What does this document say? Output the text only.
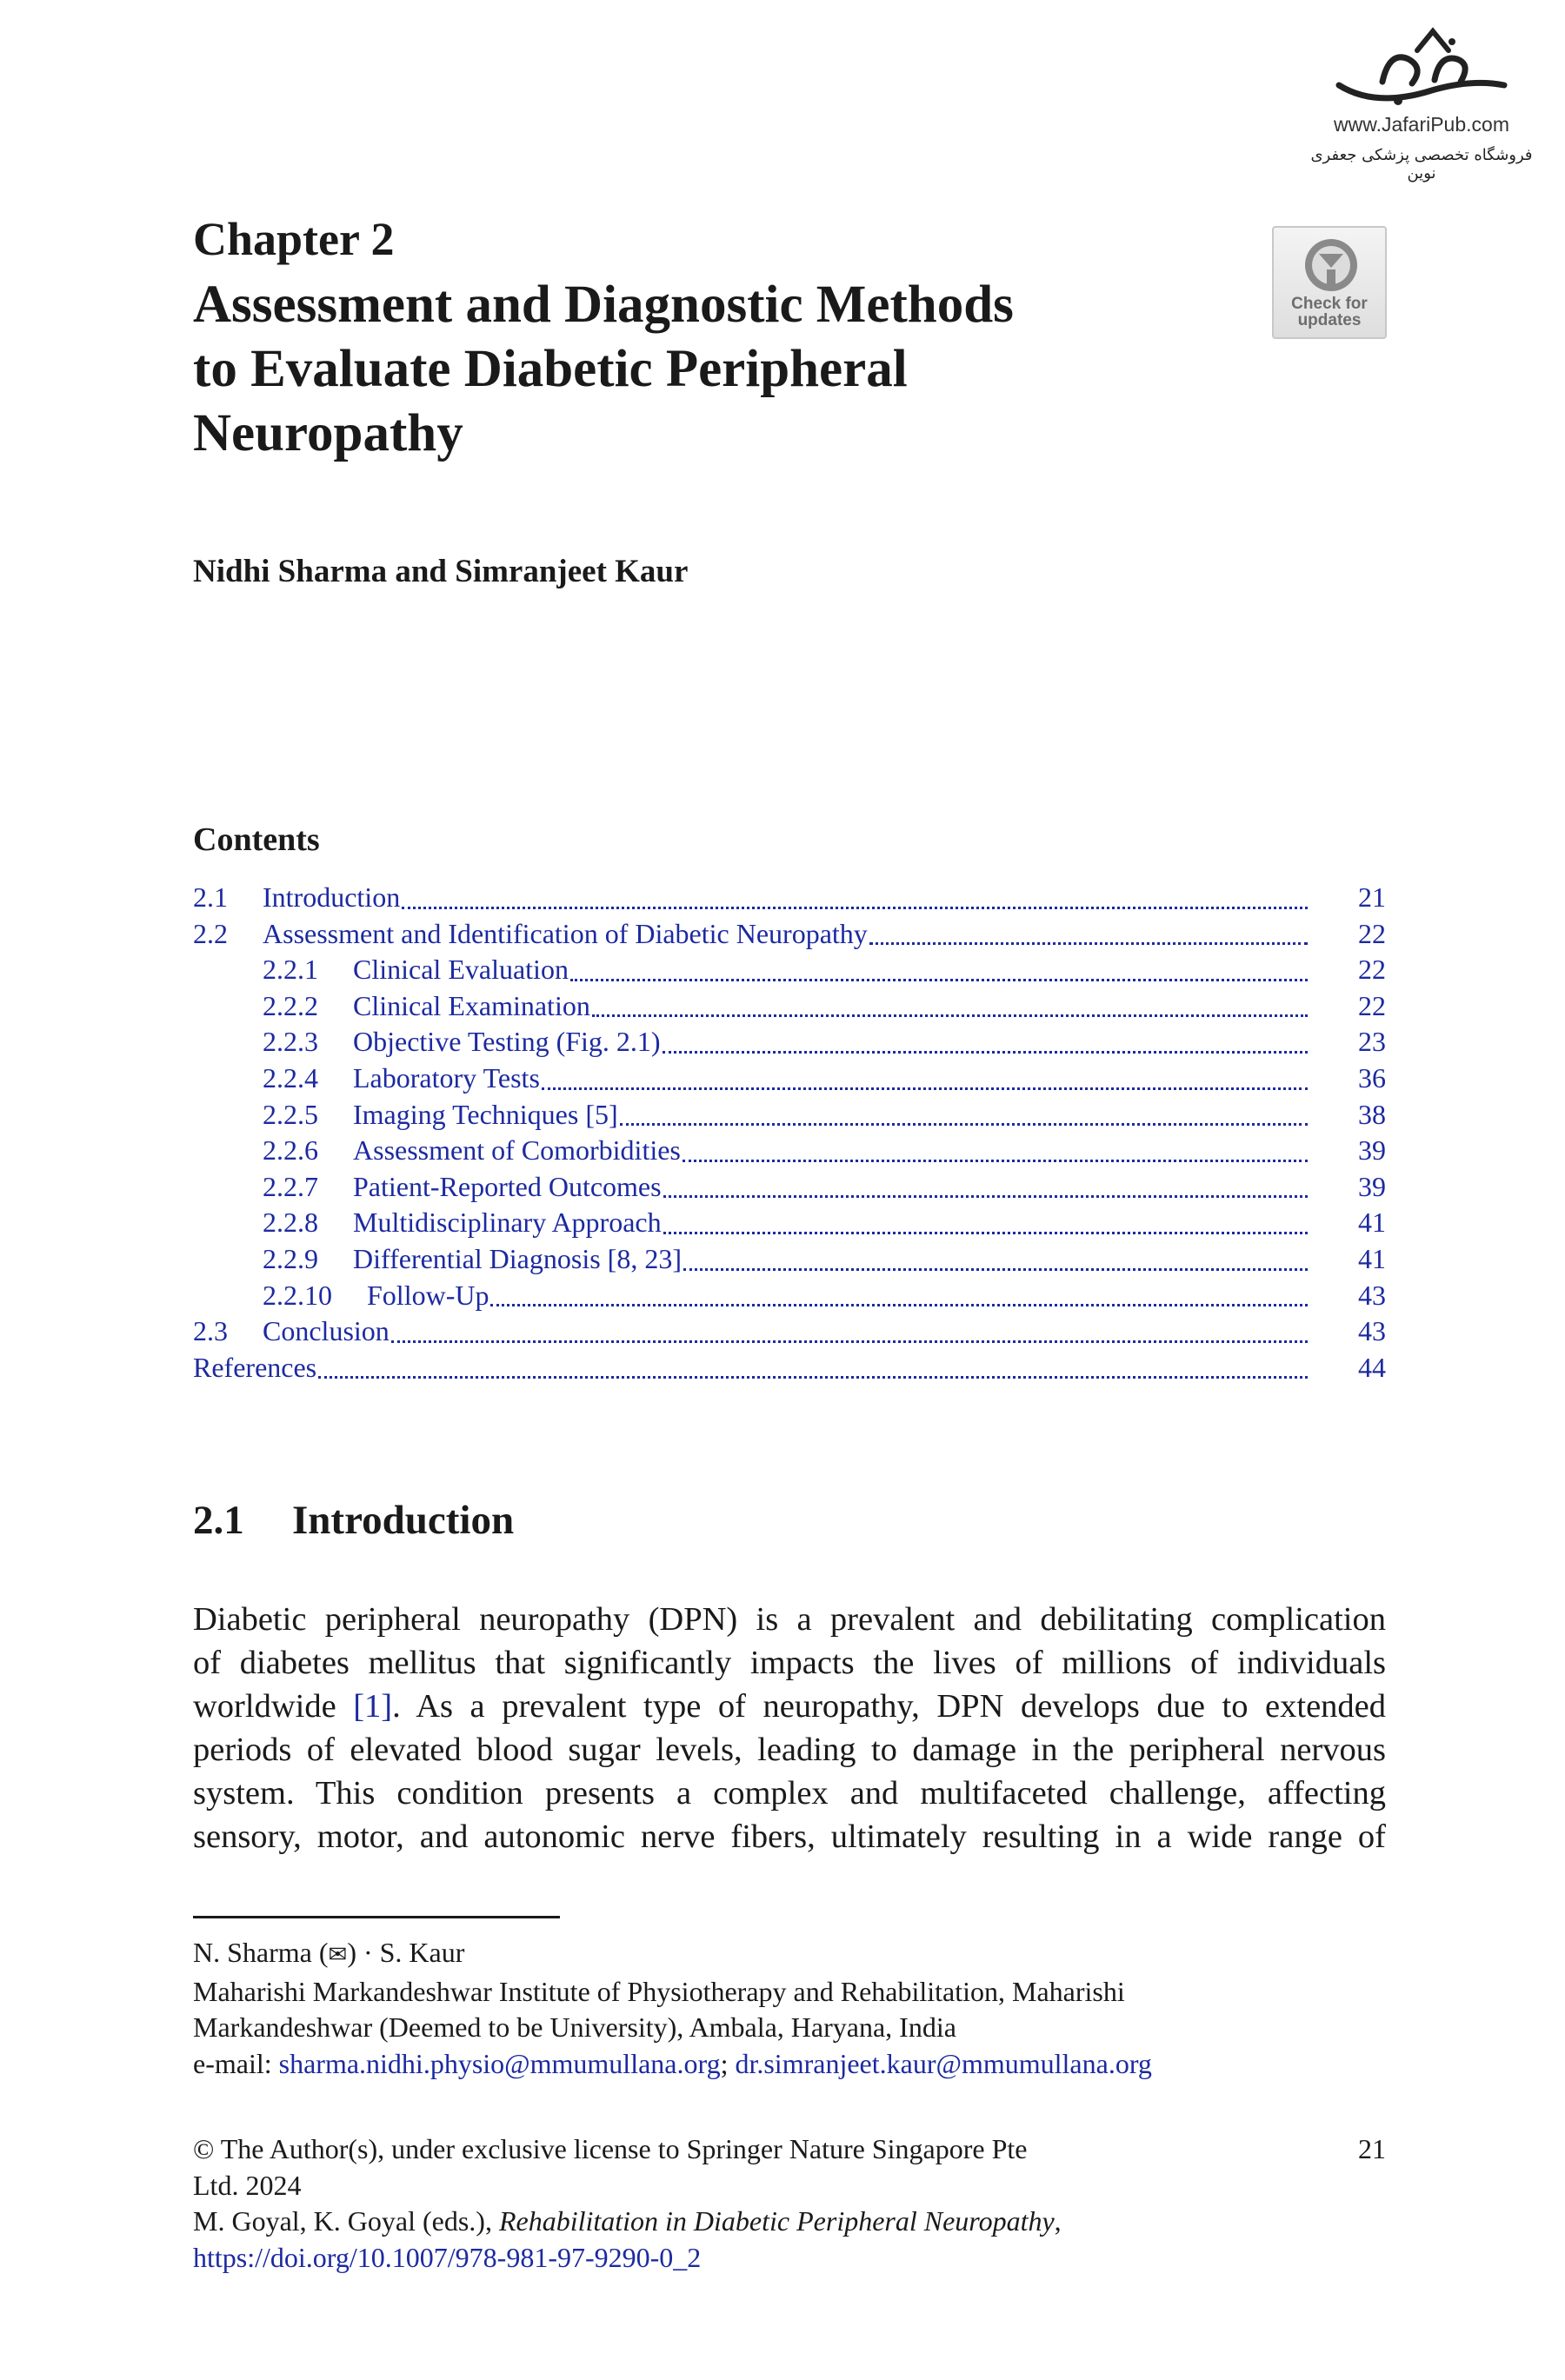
www.JafariPub.com
فروشگاه تخصصی پزشکی جعفری نوین
Check for
updates
Chapter 2
Assessment and Diagnostic Methods
to Evaluate Diabetic Peripheral
Neuropathy
Nidhi Sharma and Simranjeet Kaur
Contents
2.1	Introduction	21
2.2	Assessment and Identification of Diabetic Neuropathy	22
2.2.1	Clinical Evaluation	22
2.2.2	Clinical Examination	22
2.2.3	Objective Testing (Fig. 2.1)	23
2.2.4	Laboratory Tests	36
2.2.5	Imaging Techniques [5]	38
2.2.6	Assessment of Comorbidities	39
2.2.7	Patient-Reported Outcomes	39
2.2.8	Multidisciplinary Approach	41
2.2.9	Differential Diagnosis [8, 23]	41
2.2.10	Follow-Up	43
2.3	Conclusion	43
References	44
2.1 Introduction
Diabetic peripheral neuropathy (DPN) is a prevalent and debilitating complication
of diabetes mellitus that significantly impacts the lives of millions of individuals
worldwide [1]. As a prevalent type of neuropathy, DPN develops due to extended
periods of elevated blood sugar levels, leading to damage in the peripheral nervous
system. This condition presents a complex and multifaceted challenge, affecting
sensory, motor, and autonomic nerve fibers, ultimately resulting in a wide range of
N. Sharma (✉) · S. Kaur
Maharishi Markandeshwar Institute of Physiotherapy and Rehabilitation, Maharishi
Markandeshwar (Deemed to be University), Ambala, Haryana, India
e-mail: sharma.nidhi.physio@mmumullana.org; dr.simranjeet.kaur@mmumullana.org
21
© The Author(s), under exclusive license to Springer Nature Singapore Pte
Ltd. 2024
M. Goyal, K. Goyal (eds.), Rehabilitation in Diabetic Peripheral Neuropathy,
https://doi.org/10.1007/978-981-97-9290-0_2
